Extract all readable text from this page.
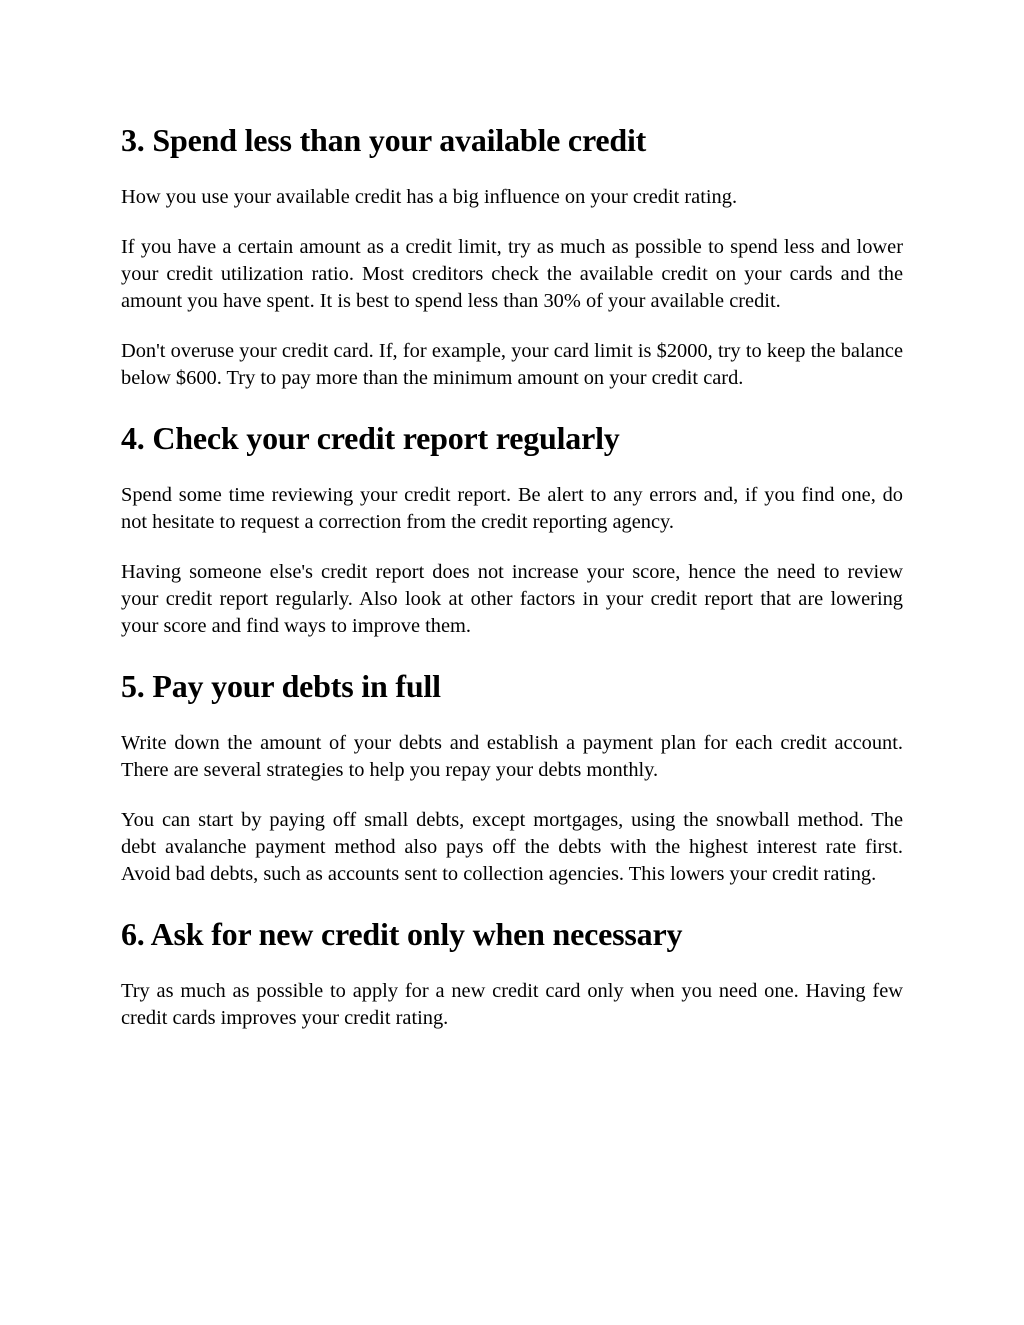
3. Spend less than your available credit

How you use your available credit has a big influence on your credit rating.

If you have a certain amount as a credit limit, try as much as possible to spend less and lower your credit utilization ratio. Most creditors check the available credit on your cards and the amount you have spent. It is best to spend less than 30% of your available credit.

Don't overuse your credit card. If, for example, your card limit is $2000, try to keep the balance below $600. Try to pay more than the minimum amount on your credit card.

4. Check your credit report regularly

Spend some time reviewing your credit report. Be alert to any errors and, if you find one, do not hesitate to request a correction from the credit reporting agency.

Having someone else's credit report does not increase your score, hence the need to review your credit report regularly. Also look at other factors in your credit report that are lowering your score and find ways to improve them.

5. Pay your debts in full

Write down the amount of your debts and establish a payment plan for each credit account. There are several strategies to help you repay your debts monthly.

You can start by paying off small debts, except mortgages, using the snowball method. The debt avalanche payment method also pays off the debts with the highest interest rate first. Avoid bad debts, such as accounts sent to collection agencies. This lowers your credit rating.

6. Ask for new credit only when necessary

Try as much as possible to apply for a new credit card only when you need one. Having few credit cards improves your credit rating.
